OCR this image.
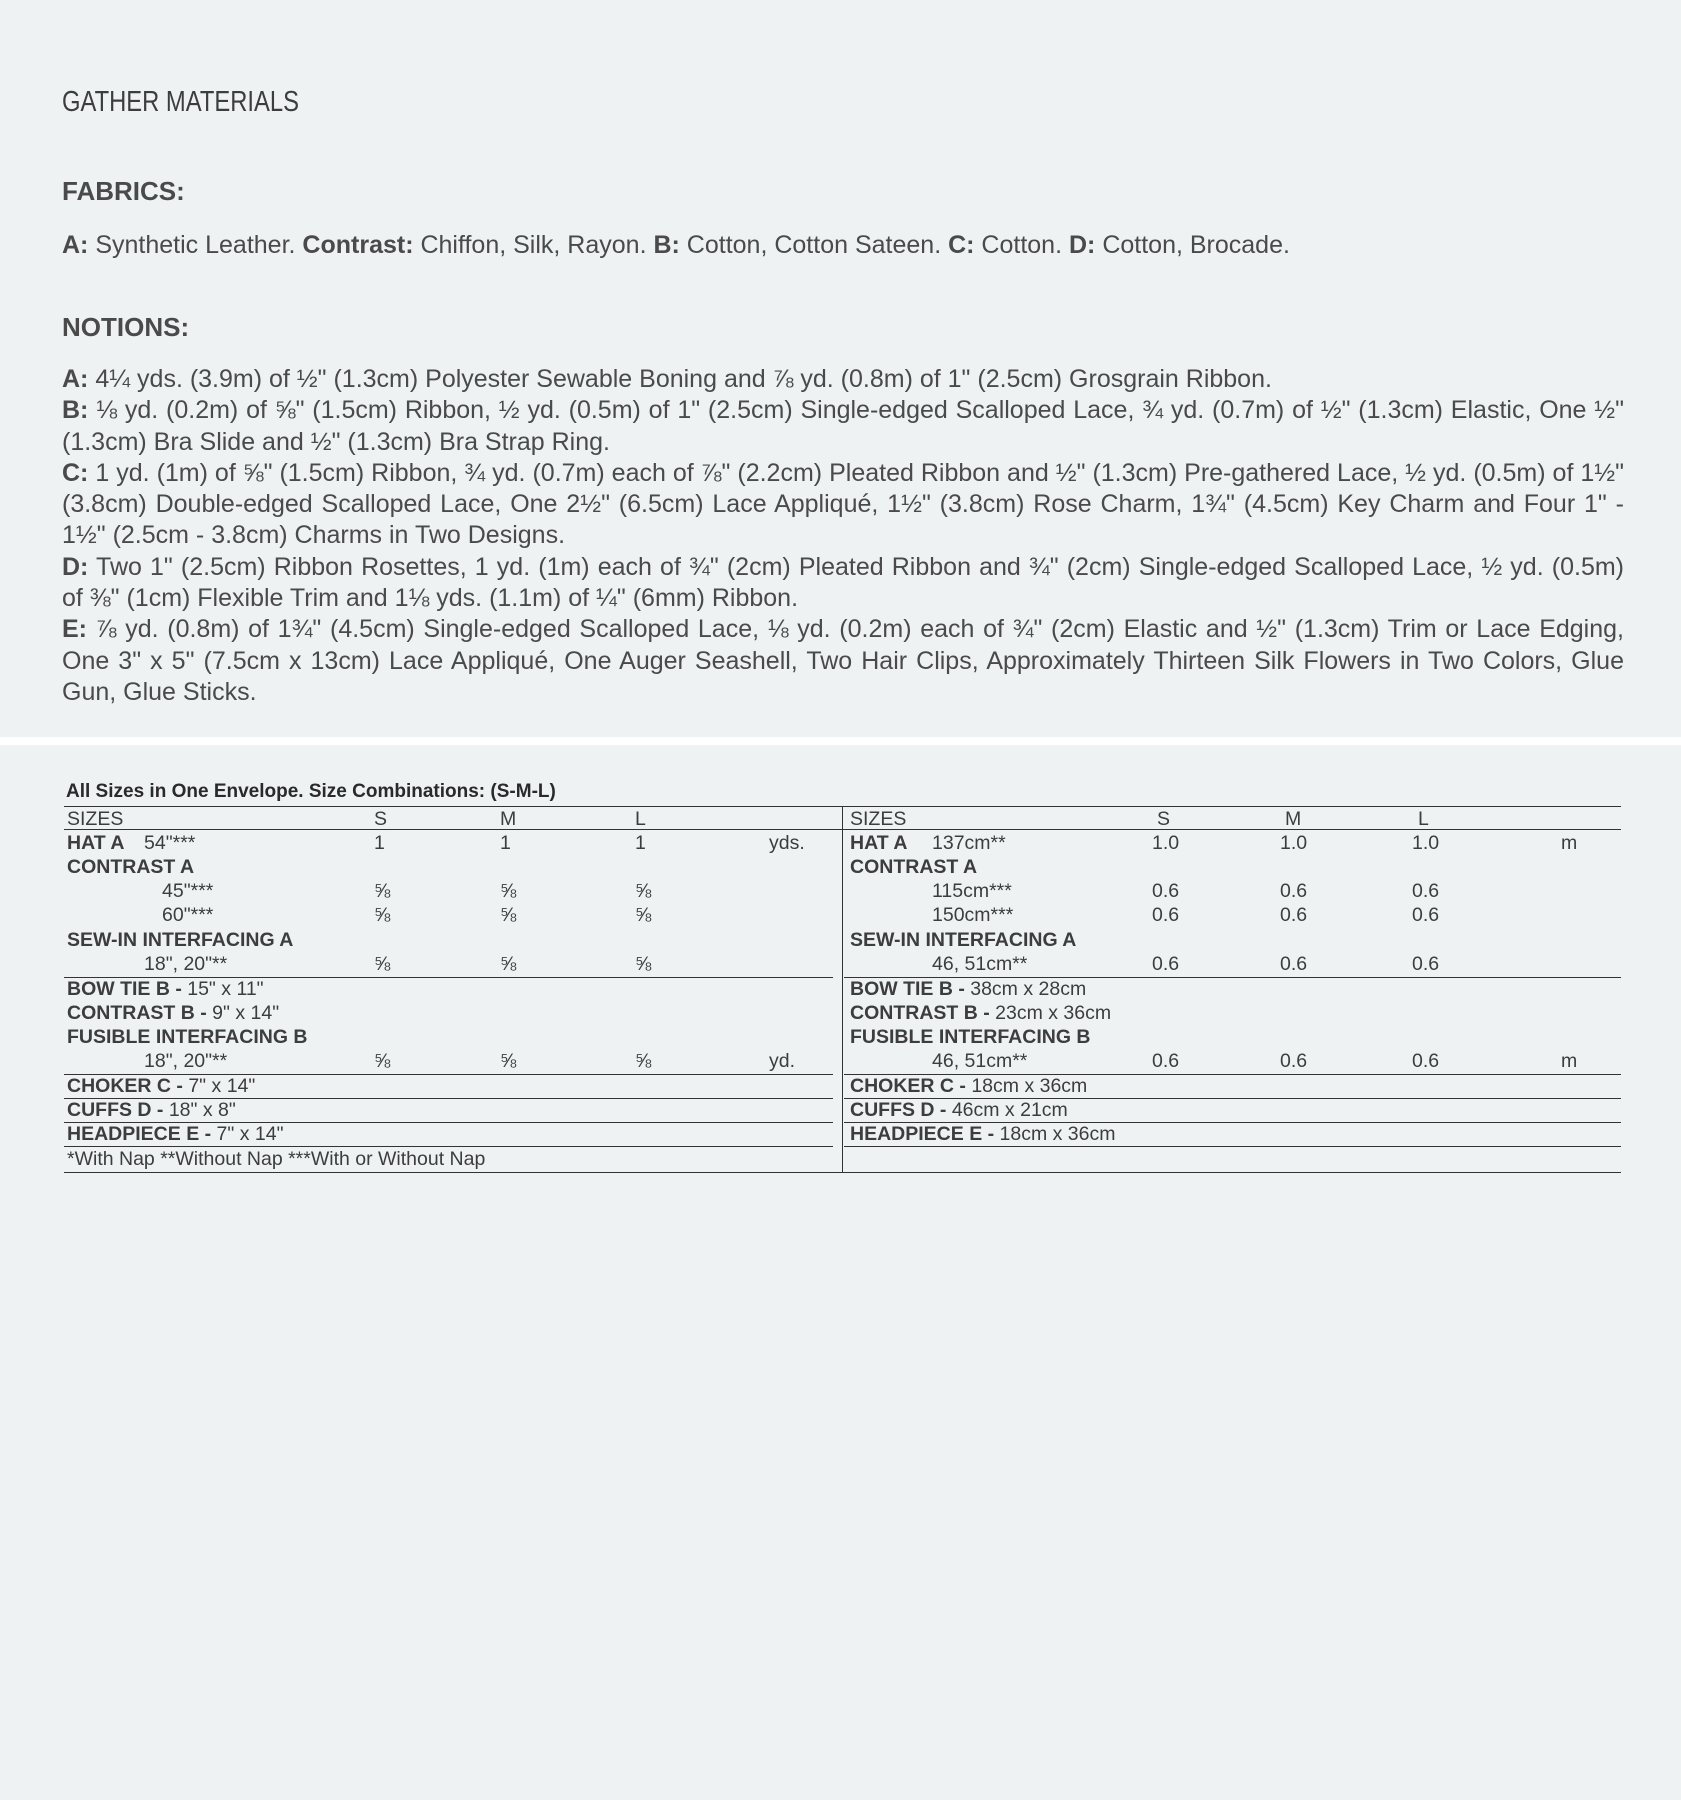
GATHER MATERIALS
FABRICS:
A: Synthetic Leather. Contrast: Chiffon, Silk, Rayon. B: Cotton, Cotton Sateen. C: Cotton. D: Cotton, Brocade.
NOTIONS:
A: 4¼ yds. (3.9m) of ½" (1.3cm) Polyester Sewable Boning and ⅞ yd. (0.8m) of 1" (2.5cm) Grosgrain Ribbon.
B: ⅛ yd. (0.2m) of ⅝" (1.5cm) Ribbon, ½ yd. (0.5m) of 1" (2.5cm) Single-edged Scalloped Lace, ¾ yd. (0.7m) of ½" (1.3cm) Elastic, One ½" (1.3cm) Bra Slide and ½" (1.3cm) Bra Strap Ring.
C: 1 yd. (1m) of ⅝" (1.5cm) Ribbon, ¾ yd. (0.7m) each of ⅞" (2.2cm) Pleated Ribbon and ½" (1.3cm) Pre-gathered Lace, ½ yd. (0.5m) of 1½" (3.8cm) Double-edged Scalloped Lace, One 2½" (6.5cm) Lace Appliqué, 1½" (3.8cm) Rose Charm, 1¾" (4.5cm) Key Charm and Four 1" - 1½" (2.5cm - 3.8cm) Charms in Two Designs.
D: Two 1" (2.5cm) Ribbon Rosettes, 1 yd. (1m) each of ¾" (2cm) Pleated Ribbon and ¾" (2cm) Single-edged Scalloped Lace, ½ yd. (0.5m) of ⅜" (1cm) Flexible Trim and 1⅛ yds. (1.1m) of ¼" (6mm) Ribbon.
E: ⅞ yd. (0.8m) of 1¾" (4.5cm) Single-edged Scalloped Lace, ⅛ yd. (0.2m) each of ¾" (2cm) Elastic and ½" (1.3cm) Trim or Lace Edging, One 3" x 5" (7.5cm x 13cm) Lace Appliqué, One Auger Seashell, Two Hair Clips, Approximately Thirteen Silk Flowers in Two Colors, Glue Gun, Glue Sticks.
All Sizes in One Envelope. Size Combinations: (S-M-L)
SIZES	S	M	L
HAT A 54"***	1	1	1	yds.
CONTRAST A
45"***	⅝	⅝	⅝
60"***	⅝	⅝	⅝
SEW-IN INTERFACING A
18", 20"**	⅝	⅝	⅝
BOW TIE B - 15" x 11"
CONTRAST B - 9" x 14"
FUSIBLE INTERFACING B
18", 20"**	⅝	⅝	⅝	yd.
CHOKER C - 7" x 14"
CUFFS D - 18" x 8"
HEADPIECE E - 7" x 14"
*With Nap **Without Nap ***With or Without Nap
SIZES	S	M	L
HAT A 137cm**	1.0	1.0	1.0	m
CONTRAST A
115cm***	0.6	0.6	0.6
150cm***	0.6	0.6	0.6
SEW-IN INTERFACING A
46, 51cm**	0.6	0.6	0.6
BOW TIE B - 38cm x 28cm
CONTRAST B - 23cm x 36cm
FUSIBLE INTERFACING B
46, 51cm**	0.6	0.6	0.6	m
CHOKER C - 18cm x 36cm
CUFFS D - 46cm x 21cm
HEADPIECE E - 18cm x 36cm
